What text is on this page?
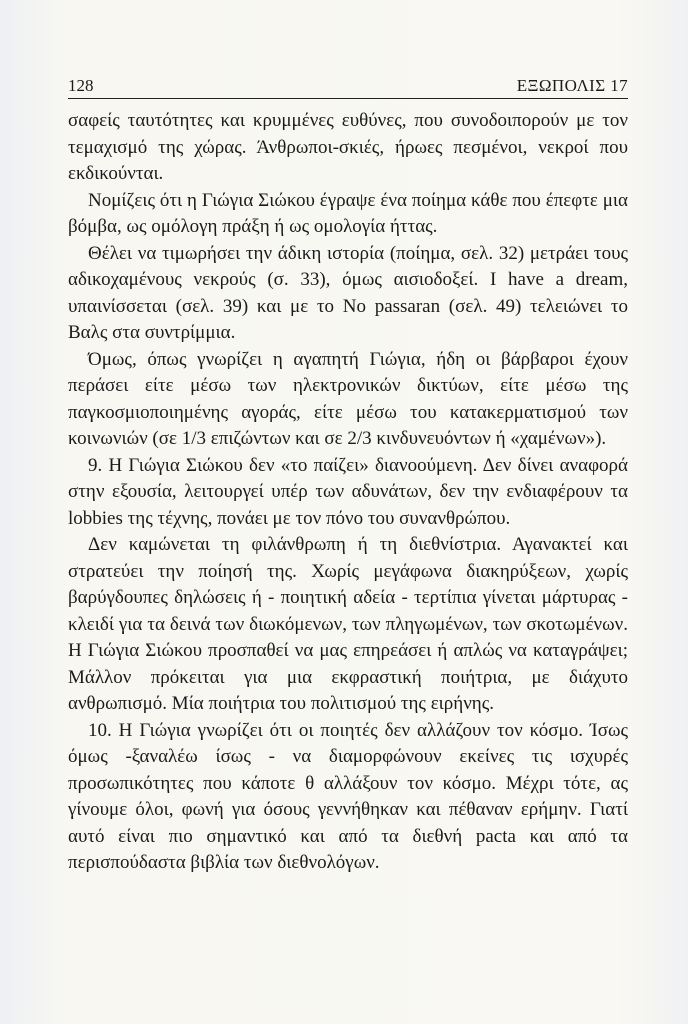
128	ΕΞΩΠΟΛΙΣ 17

σαφείς ταυτότητες και κρυμμένες ευθύνες, που συνοδοιπορούν με τον τεμαχισμό της χώρας. Άνθρωποι-σκιές, ήρωες πεσμένοι, νεκροί που εκδικούνται.

Νομίζεις ότι η Γιώγια Σιώκου έγραψε ένα ποίημα κάθε που έπεφτε μια βόμβα, ως ομόλογη πράξη ή ως ομολογία ήττας.

Θέλει να τιμωρήσει την άδικη ιστορία (ποίημα, σελ. 32) μετράει τους αδικοχαμένους νεκρούς (σ. 33), όμως αισιοδοξεί. I have a dream, υπαινίσσεται (σελ. 39) και με το No passaran (σελ. 49) τελειώνει το Βαλς στα συντρίμμια.

Όμως, όπως γνωρίζει η αγαπητή Γιώγια, ήδη οι βάρβαροι έχουν περάσει είτε μέσω των ηλεκτρονικών δικτύων, είτε μέσω της παγκοσμιοποιημένης αγοράς, είτε μέσω του κατακερματισμού των κοινωνιών (σε 1/3 επιζώντων και σε 2/3 κινδυνευόντων ή «χαμένων»).

9. Η Γιώγια Σιώκου δεν «το παίζει» διανοούμενη. Δεν δίνει αναφορά στην εξουσία, λειτουργεί υπέρ των αδυνάτων, δεν την ενδιαφέρουν τα lobbies της τέχνης, πονάει με τον πόνο του συνανθρώπου.

Δεν καμώνεται τη φιλάνθρωπη ή τη διεθνίστρια. Αγανακτεί και στρατεύει την ποίησή της. Χωρίς μεγάφωνα διακηρύξεων, χωρίς βαρύγδουπες δηλώσεις ή - ποιητική αδεία - τερτίπια γίνεται μάρτυρας - κλειδί για τα δεινά των διωκόμενων, των πληγωμένων, των σκοτωμένων. Η Γιώγια Σιώκου προσπαθεί να μας επηρεάσει ή απλώς να καταγράψει; Μάλλον πρόκειται για μια εκφραστική ποιήτρια, με διάχυτο ανθρωπισμό. Μία ποιήτρια του πολιτισμού της ειρήνης.

10. Η Γιώγια γνωρίζει ότι οι ποιητές δεν αλλάζουν τον κόσμο. Ίσως όμως -ξαναλέω ίσως - να διαμορφώνουν εκείνες τις ισχυρές προσωπικότητες που κάποτε θ αλλάξουν τον κόσμο. Μέχρι τότε, ας γίνουμε όλοι, φωνή για όσους γεννήθηκαν και πέθαναν ερήμην. Γιατί αυτό είναι πιο σημαντικό και από τα διεθνή pacta και από τα περισπούδαστα βιβλία των διεθνολόγων.
